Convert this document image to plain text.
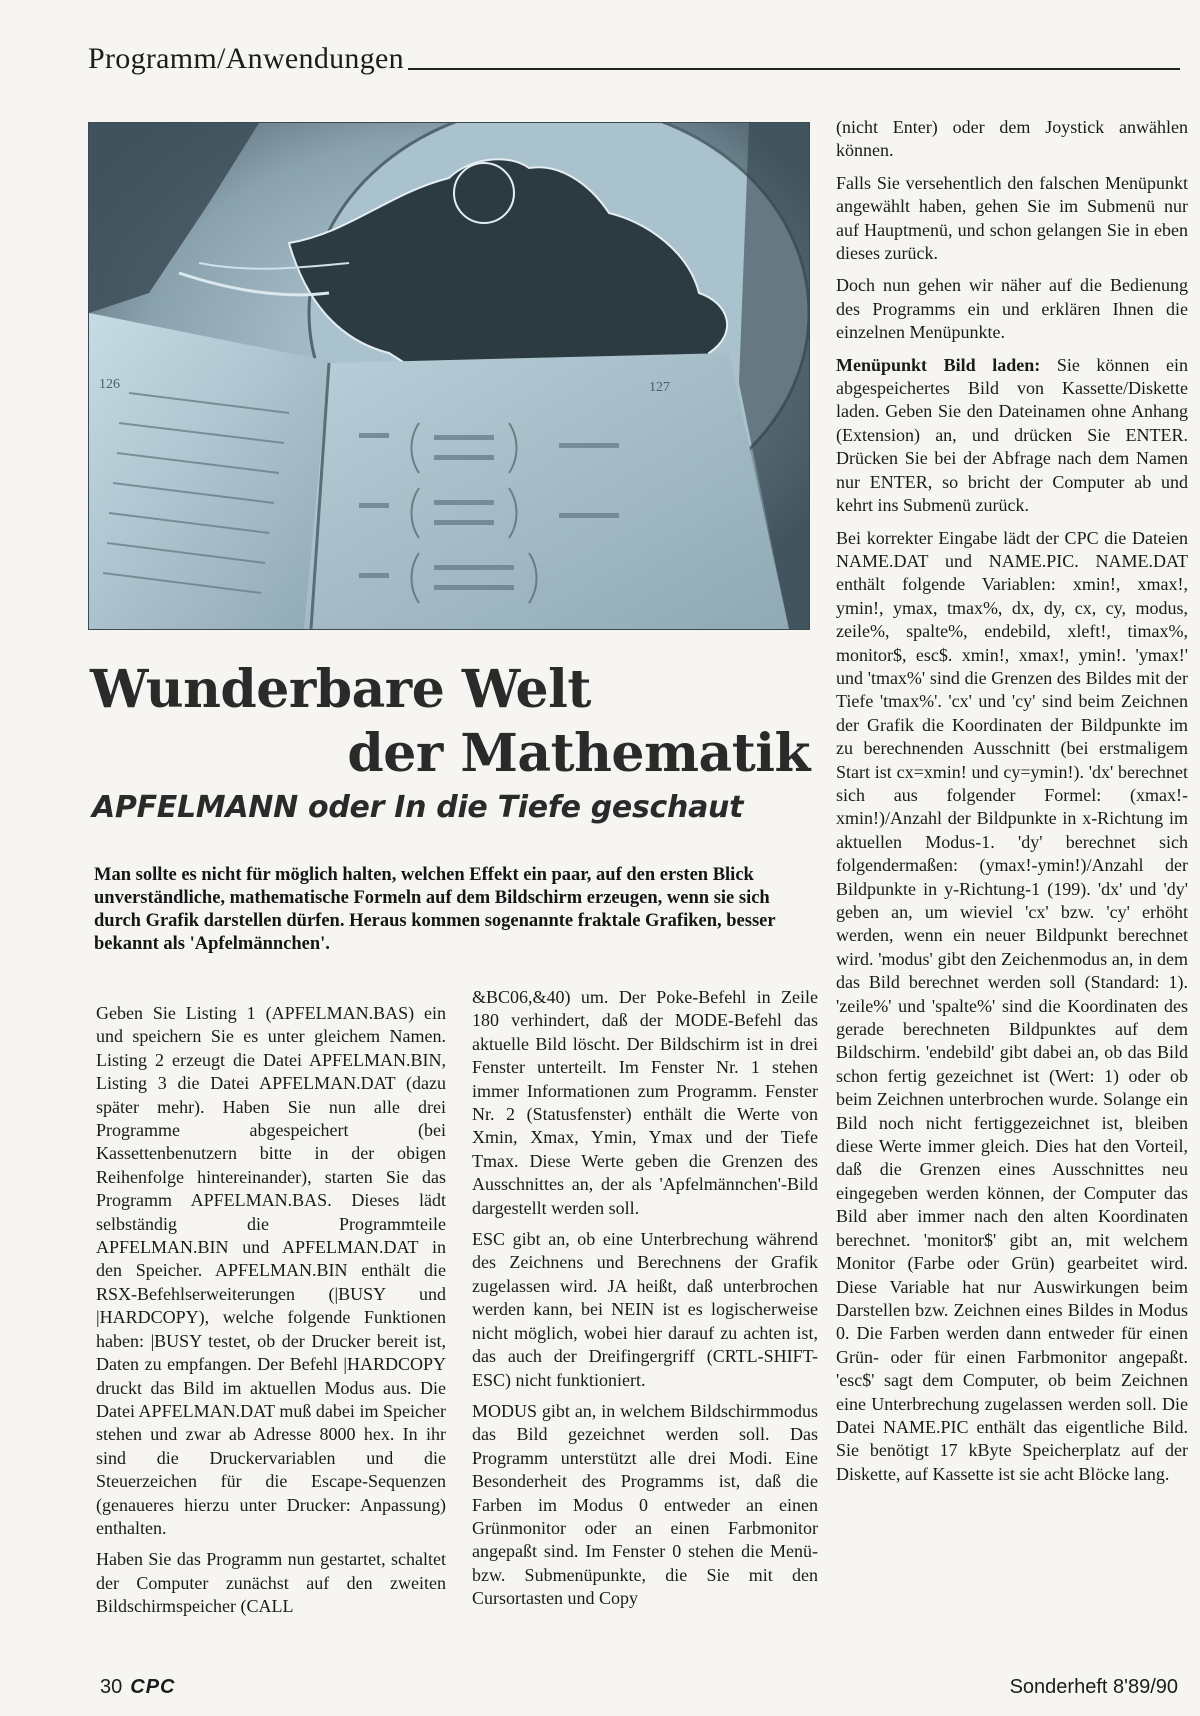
Programm/Anwendungen
126	127
Wunderbare Welt
der Mathematik
APFELMANN oder In die Tiefe geschaut
Man sollte es nicht für möglich halten, welchen Effekt ein paar, auf den ersten Blick unverständliche, mathematische Formeln auf dem Bildschirm erzeugen, wenn sie sich durch Grafik darstellen dürfen. Heraus kommen sogenannte fraktale Grafiken, besser bekannt als 'Apfelmännchen'.

Geben Sie Listing 1 (APFELMAN.BAS) ein und speichern Sie es unter gleichem Namen. Listing 2 erzeugt die Datei APFELMAN.BIN, Listing 3 die Datei APFELMAN.DAT (dazu später mehr). Haben Sie nun alle drei Programme abgespeichert (bei Kassettenbenutzern bitte in der obigen Reihenfolge hintereinander), starten Sie das Programm APFELMAN.BAS. Dieses lädt selbständig die Programmteile APFELMAN.BIN und APFELMAN.DAT in den Speicher. APFELMAN.BIN enthält die RSX-Befehlserweiterungen (|BUSY und |HARDCOPY), welche folgende Funktionen haben: |BUSY testet, ob der Drucker bereit ist, Daten zu empfangen. Der Befehl |HARDCOPY druckt das Bild im aktuellen Modus aus. Die Datei APFELMAN.DAT muß dabei im Speicher stehen und zwar ab Adresse 8000 hex. In ihr sind die Druckervariablen und die Steuerzeichen für die Escape-Sequenzen (genaueres hierzu unter Drucker: Anpassung) enthalten.

Haben Sie das Programm nun gestartet, schaltet der Computer zunächst auf den zweiten Bildschirmspeicher (CALL

&BC06,&40) um. Der Poke-Befehl in Zeile 180 verhindert, daß der MODE-Befehl das aktuelle Bild löscht. Der Bildschirm ist in drei Fenster unterteilt. Im Fenster Nr. 1 stehen immer Informationen zum Programm. Fenster Nr. 2 (Statusfenster) enthält die Werte von Xmin, Xmax, Ymin, Ymax und der Tiefe Tmax. Diese Werte geben die Grenzen des Ausschnittes an, der als 'Apfelmännchen'-Bild dargestellt werden soll.

ESC gibt an, ob eine Unterbrechung während des Zeichnens und Berechnens der Grafik zugelassen wird. JA heißt, daß unterbrochen werden kann, bei NEIN ist es logischerweise nicht möglich, wobei hier darauf zu achten ist, das auch der Dreifingergriff (CRTL-SHIFT-ESC) nicht funktioniert.

MODUS gibt an, in welchem Bildschirmmodus das Bild gezeichnet werden soll. Das Programm unterstützt alle drei Modi. Eine Besonderheit des Programms ist, daß die Farben im Modus 0 entweder an einen Grünmonitor oder an einen Farbmonitor angepaßt sind. Im Fenster 0 stehen die Menü- bzw. Submenüpunkte, die Sie mit den Cursortasten und Copy

(nicht Enter) oder dem Joystick anwählen können.

Falls Sie versehentlich den falschen Menüpunkt angewählt haben, gehen Sie im Submenü nur auf Hauptmenü, und schon gelangen Sie in eben dieses zurück.

Doch nun gehen wir näher auf die Bedienung des Programms ein und erklären Ihnen die einzelnen Menüpunkte.

Menüpunkt Bild laden: Sie können ein abgespeichertes Bild von Kassette/Diskette laden. Geben Sie den Dateinamen ohne Anhang (Extension) an, und drücken Sie ENTER. Drücken Sie bei der Abfrage nach dem Namen nur ENTER, so bricht der Computer ab und kehrt ins Submenü zurück.

Bei korrekter Eingabe lädt der CPC die Dateien NAME.DAT und NAME.PIC. NAME.DAT enthält folgende Variablen: xmin!, xmax!, ymin!, ymax, tmax%, dx, dy, cx, cy, modus, zeile%, spalte%, endebild, xleft!, timax%, monitor$, esc$. xmin!, xmax!, ymin!. 'ymax!' und 'tmax%' sind die Grenzen des Bildes mit der Tiefe 'tmax%'. 'cx' und 'cy' sind beim Zeichnen der Grafik die Koordinaten der Bildpunkte im zu berechnenden Ausschnitt (bei erstmaligem Start ist cx=xmin! und cy=ymin!). 'dx' berechnet sich aus folgender Formel: (xmax!-xmin!)/Anzahl der Bildpunkte in x-Richtung im aktuellen Modus-1. 'dy' berechnet sich folgendermaßen: (ymax!-ymin!)/Anzahl der Bildpunkte in y-Richtung-1 (199). 'dx' und 'dy' geben an, um wieviel 'cx' bzw. 'cy' erhöht werden, wenn ein neuer Bildpunkt berechnet wird. 'modus' gibt den Zeichenmodus an, in dem das Bild berechnet werden soll (Standard: 1). 'zeile%' und 'spalte%' sind die Koordinaten des gerade berechneten Bildpunktes auf dem Bildschirm. 'endebild' gibt dabei an, ob das Bild schon fertig gezeichnet ist (Wert: 1) oder ob beim Zeichnen unterbrochen wurde. Solange ein Bild noch nicht fertiggezeichnet ist, bleiben diese Werte immer gleich. Dies hat den Vorteil, daß die Grenzen eines Ausschnittes neu eingegeben werden können, der Computer das Bild aber immer nach den alten Koordinaten berechnet. 'monitor$' gibt an, mit welchem Monitor (Farbe oder Grün) gearbeitet wird. Diese Variable hat nur Auswirkungen beim Darstellen bzw. Zeichnen eines Bildes in Modus 0. Die Farben werden dann entweder für einen Grün- oder für einen Farbmonitor angepaßt. 'esc$' sagt dem Computer, ob beim Zeichnen eine Unterbrechung zugelassen werden soll. Die Datei NAME.PIC enthält das eigentliche Bild. Sie benötigt 17 kByte Speicherplatz auf der Diskette, auf Kassette ist sie acht Blöcke lang.

30 CPC	Sonderheft 8'89/90
